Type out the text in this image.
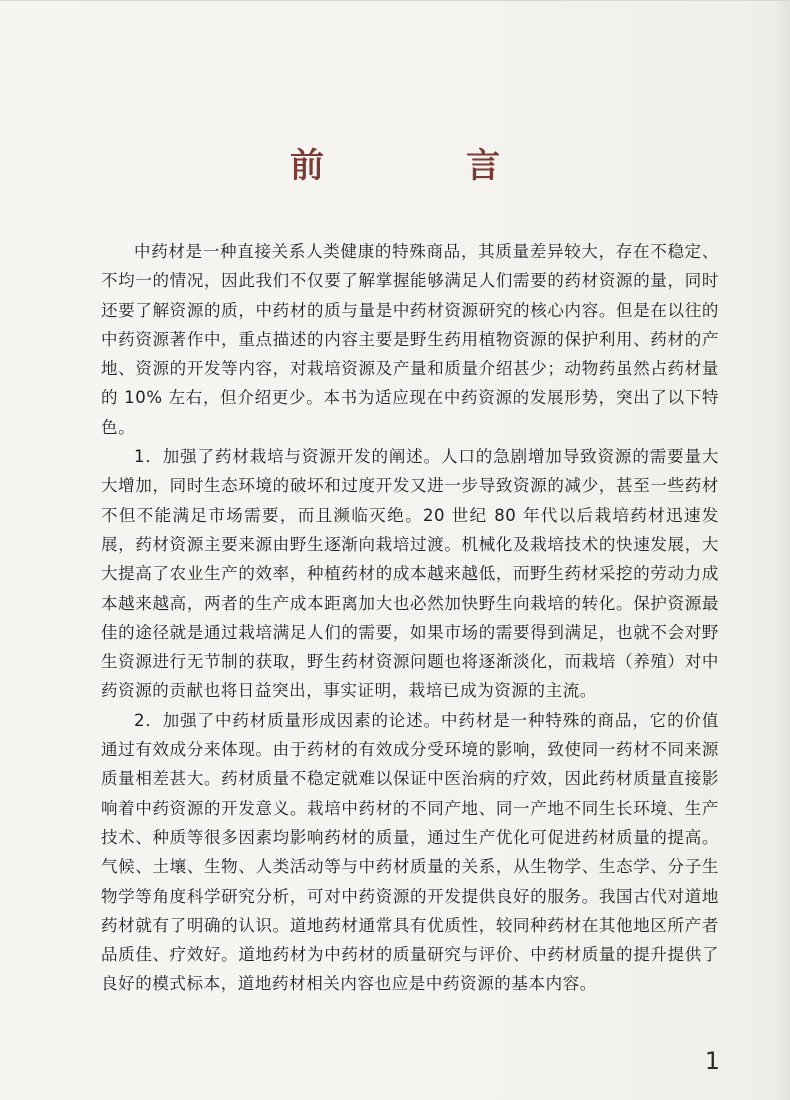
前　言

中药材是一种直接关系人类健康的特殊商品，其质量差异较大，存在不稳定、不均一的情况，因此我们不仅要了解掌握能够满足人们需要的药材资源的量，同时还要了解资源的质，中药材的质与量是中药材资源研究的核心内容。但是在以往的中药资源著作中，重点描述的内容主要是野生药用植物资源的保护利用、药材的产地、资源的开发等内容，对栽培资源及产量和质量介绍甚少；动物药虽然占药材量的 10% 左右，但介绍更少。本书为适应现在中药资源的发展形势，突出了以下特色。

1．加强了药材栽培与资源开发的阐述。人口的急剧增加导致资源的需要量大大增加，同时生态环境的破坏和过度开发又进一步导致资源的减少，甚至一些药材不但不能满足市场需要，而且濒临灭绝。20 世纪 80 年代以后栽培药材迅速发展，药材资源主要来源由野生逐渐向栽培过渡。机械化及栽培技术的快速发展，大大提高了农业生产的效率，种植药材的成本越来越低，而野生药材采挖的劳动力成本越来越高，两者的生产成本距离加大也必然加快野生向栽培的转化。保护资源最佳的途径就是通过栽培满足人们的需要，如果市场的需要得到满足，也就不会对野生资源进行无节制的获取，野生药材资源问题也将逐渐淡化，而栽培（养殖）对中药资源的贡献也将日益突出，事实证明，栽培已成为资源的主流。

2．加强了中药材质量形成因素的论述。中药材是一种特殊的商品，它的价值通过有效成分来体现。由于药材的有效成分受环境的影响，致使同一药材不同来源质量相差甚大。药材质量不稳定就难以保证中医治病的疗效，因此药材质量直接影响着中药资源的开发意义。栽培中药材的不同产地、同一产地不同生长环境、生产技术、种质等很多因素均影响药材的质量，通过生产优化可促进药材质量的提高。气候、土壤、生物、人类活动等与中药材质量的关系，从生物学、生态学、分子生物学等角度科学研究分析，可对中药资源的开发提供良好的服务。我国古代对道地药材就有了明确的认识。道地药材通常具有优质性，较同种药材在其他地区所产者品质佳、疗效好。道地药材为中药材的质量研究与评价、中药材质量的提升提供了良好的模式标本，道地药材相关内容也应是中药资源的基本内容。

1
